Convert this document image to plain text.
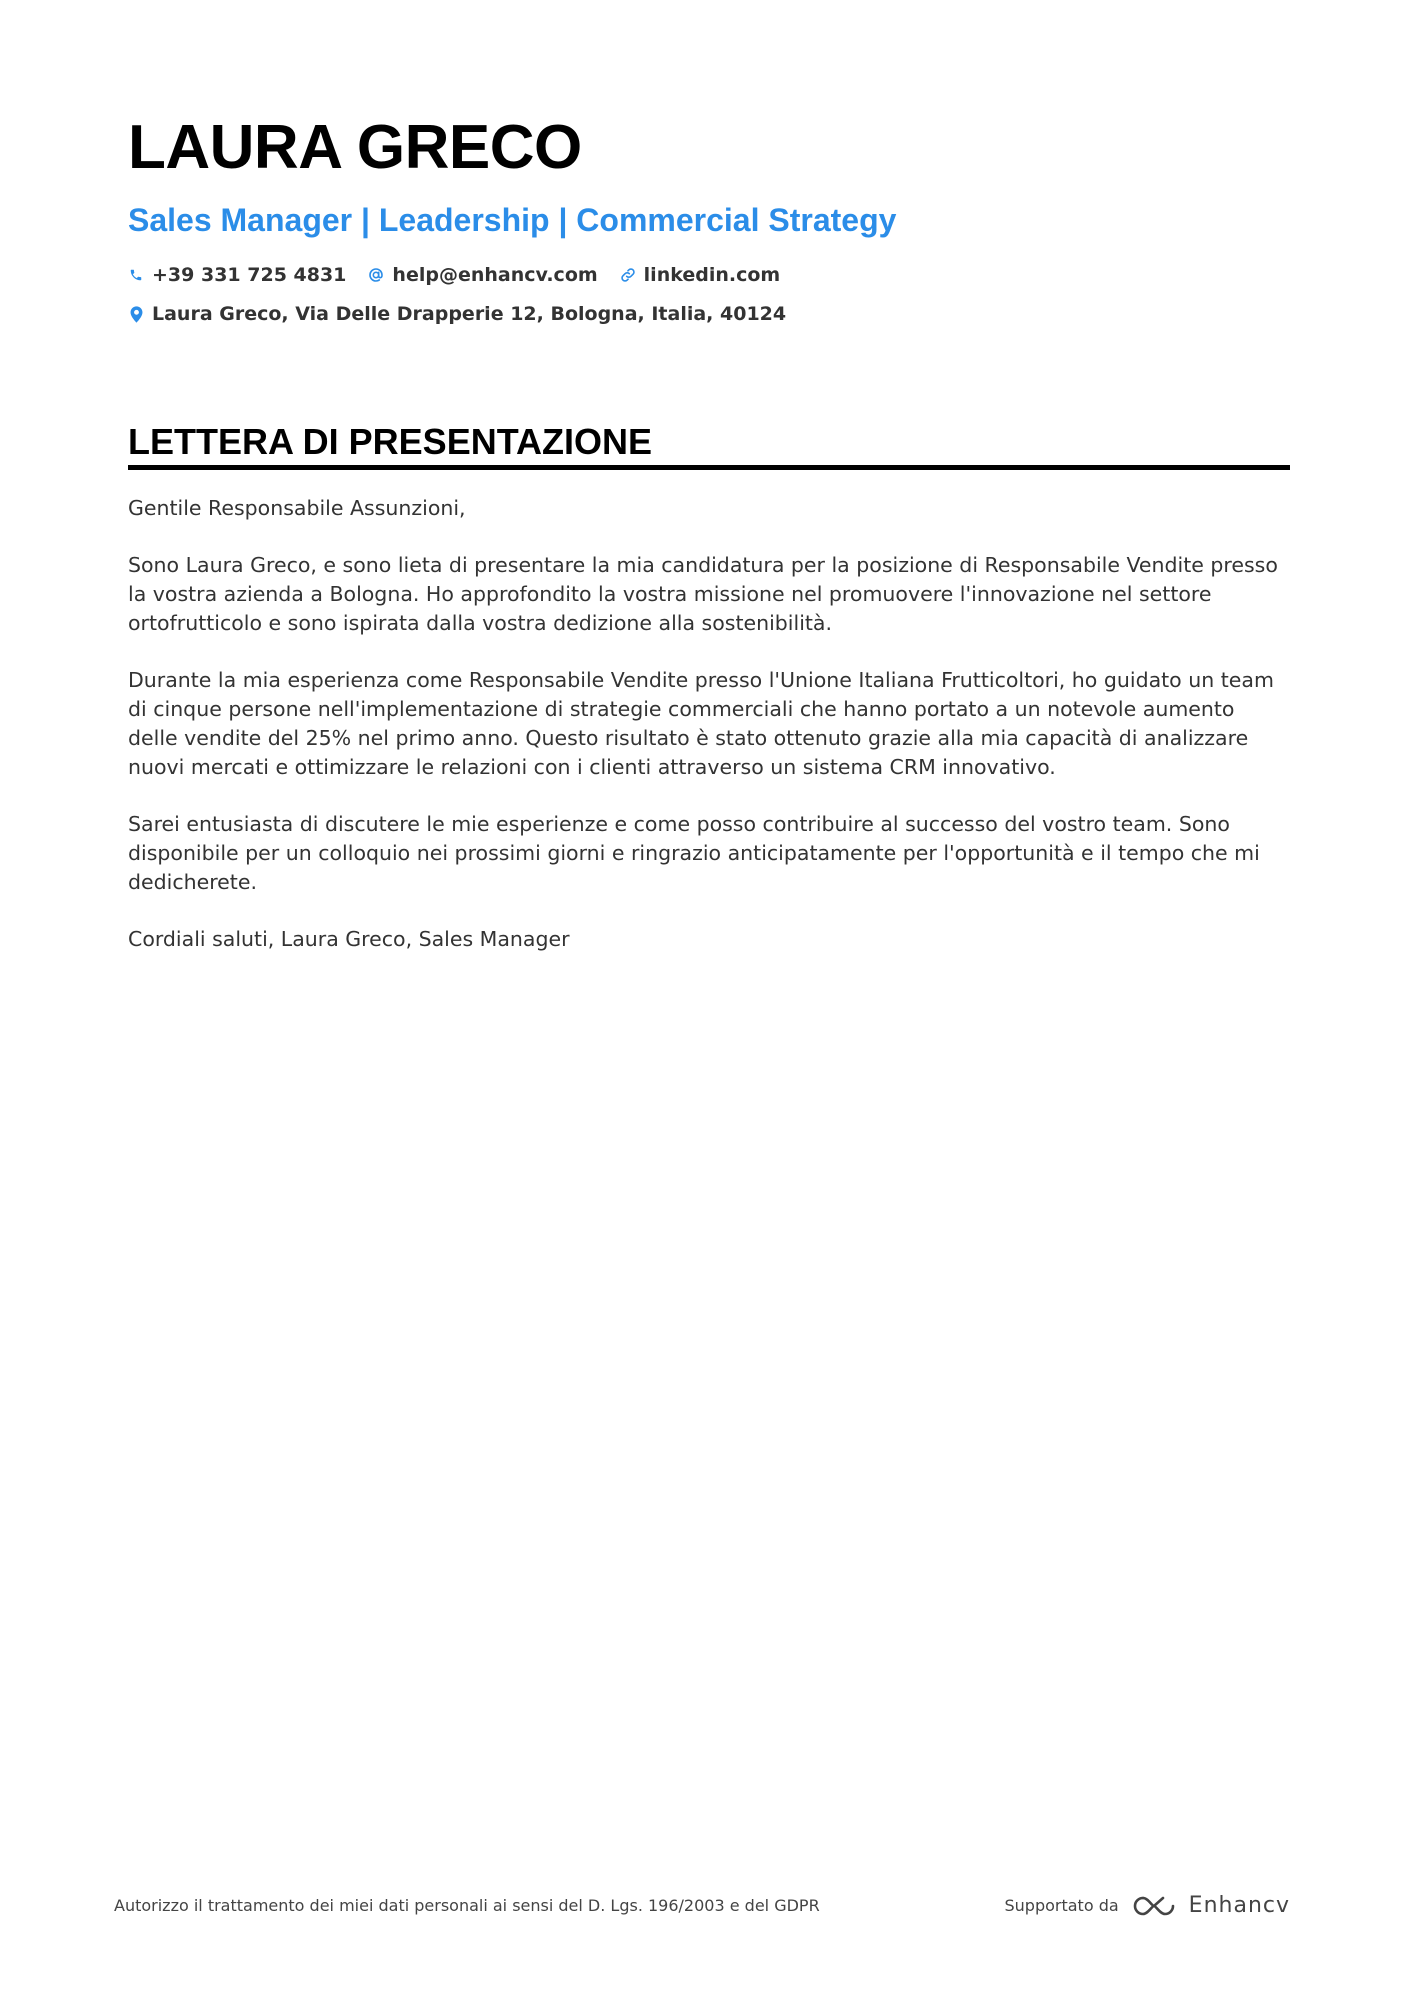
LAURA GRECO
Sales Manager | Leadership | Commercial Strategy
+39 331 725 4831 help@enhancv.com linkedin.com
Laura Greco, Via Delle Drapperie 12, Bologna, Italia, 40124
LETTERA DI PRESENTAZIONE

Gentile Responsabile Assunzioni,

Sono Laura Greco, e sono lieta di presentare la mia candidatura per la posizione di Responsabile Vendite presso la vostra azienda a Bologna. Ho approfondito la vostra missione nel promuovere l'innovazione nel settore ortofrutticolo e sono ispirata dalla vostra dedizione alla sostenibilità.

Durante la mia esperienza come Responsabile Vendite presso l'Unione Italiana Frutticoltori, ho guidato un team di cinque persone nell'implementazione di strategie commerciali che hanno portato a un notevole aumento delle vendite del 25% nel primo anno. Questo risultato è stato ottenuto grazie alla mia capacità di analizzare nuovi mercati e ottimizzare le relazioni con i clienti attraverso un sistema CRM innovativo.

Sarei entusiasta di discutere le mie esperienze e come posso contribuire al successo del vostro team. Sono disponibile per un colloquio nei prossimi giorni e ringrazio anticipatamente per l'opportunità e il tempo che mi dedicherete.

Cordiali saluti, Laura Greco, Sales Manager

Autorizzo il trattamento dei miei dati personali ai sensi del D. Lgs. 196/2003 e del GDPR	Supportato da	Enhancv
